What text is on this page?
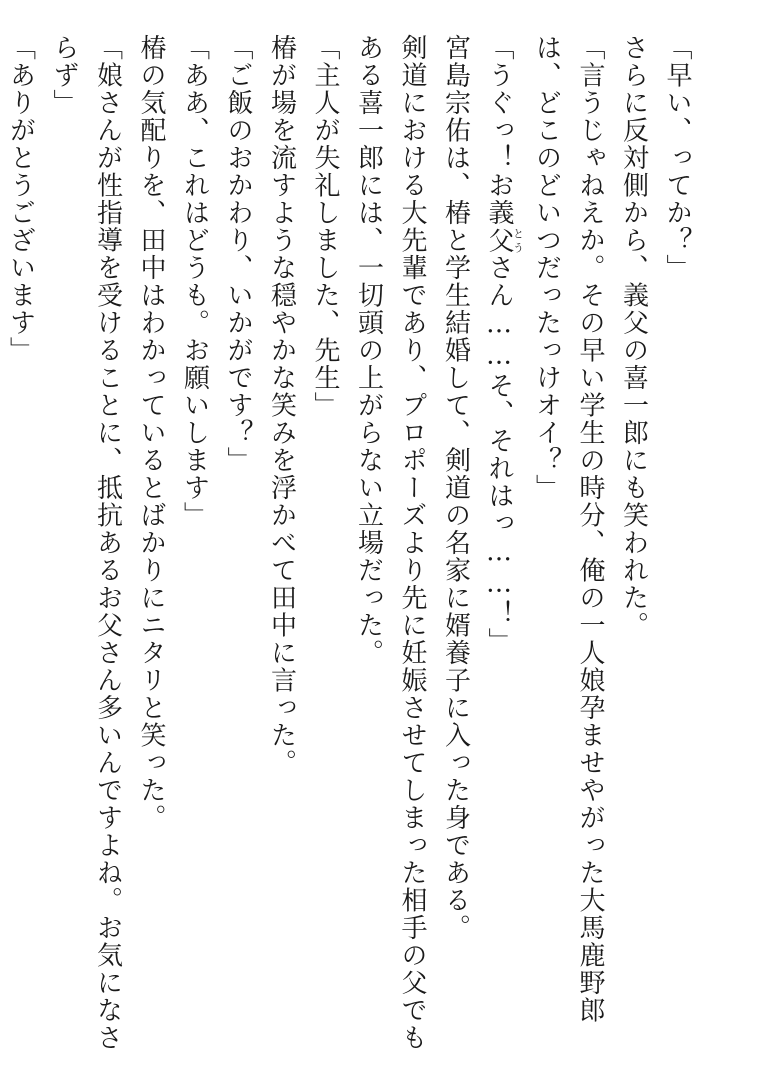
「早い、ってか？」

さらに反対側から、義父の喜一郎にも笑われた。

「言うじゃねえか。その早い学生の時分、俺の一人娘孕ませやがった大馬鹿野郎は、どこのどいつだったっけオイ？」

「うぐっ！お義父とうさん……そ、それはっ……！」

宮島宗佑は、椿と学生結婚して、剣道の名家に婿養子に入った身である。

剣道における大先輩であり、プロポーズより先に妊娠させてしまった相手の父でもある喜一郎には、一切頭の上がらない立場だった。

「主人が失礼しました、先生」

椿が場を流すような穏やかな笑みを浮かべて田中に言った。

「ご飯のおかわり、いかがです？」

「ああ、これはどうも。お願いします」

椿の気配りを、田中はわかっているとばかりにニタリと笑った。

「娘さんが性指導を受けることに、抵抗あるお父さん多いんですよね。お気になさらず」

「ありがとうございます」
